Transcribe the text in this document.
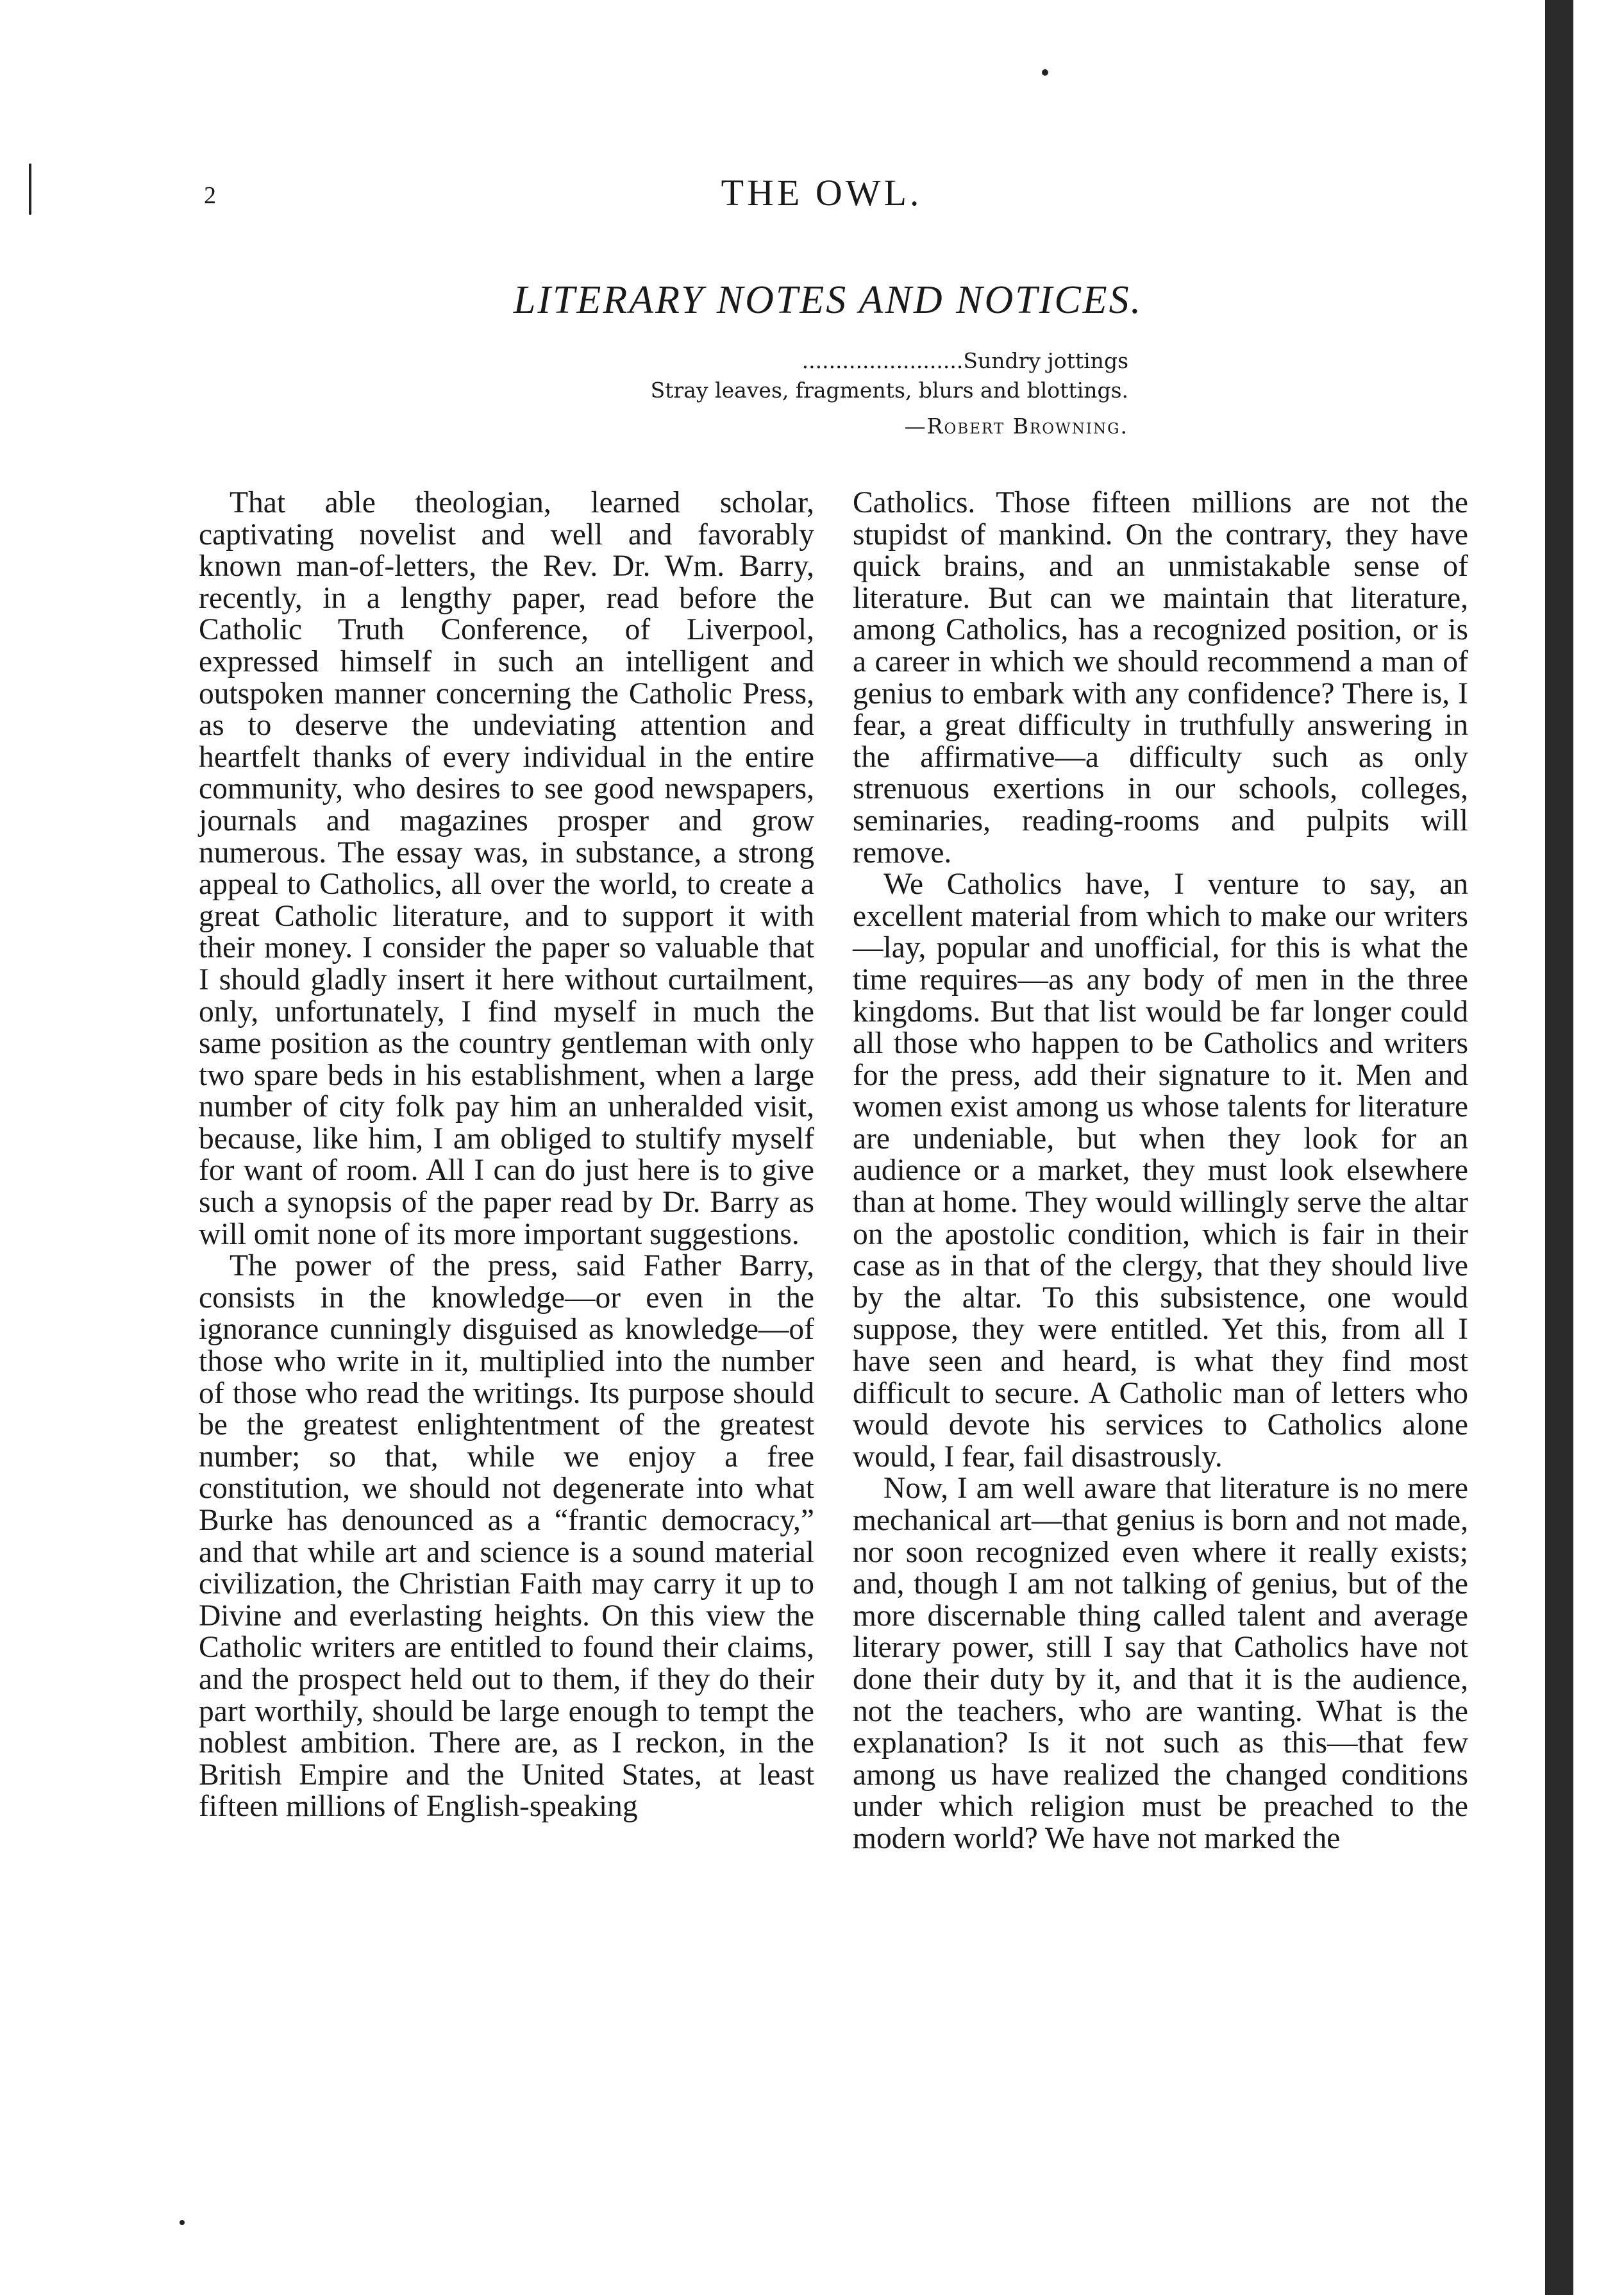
2	THE OWL.
LITERARY NOTES AND NOTICES.
........................Sundry jottings
Stray leaves, fragments, blurs and blottings.
—Robert Browning.

That able theologian, learned scholar, captivating novelist and well and favorably known man-of-letters, the Rev. Dr. Wm. Barry, recently, in a lengthy paper, read before the Catholic Truth Conference, of Liverpool, expressed himself in such an intelligent and outspoken manner concerning the Catholic Press, as to deserve the undeviating attention and heartfelt thanks of every individual in the entire community, who desires to see good newspapers, journals and magazines prosper and grow numerous. The essay was, in substance, a strong appeal to Catholics, all over the world, to create a great Catholic literature, and to support it with their money. I consider the paper so valuable that I should gladly insert it here without curtailment, only, unfortunately, I find myself in much the same position as the country gentleman with only two spare beds in his establishment, when a large number of city folk pay him an unheralded visit, because, like him, I am obliged to stultify myself for want of room. All I can do just here is to give such a synopsis of the paper read by Dr. Barry as will omit none of its more important suggestions.

The power of the press, said Father Barry, consists in the knowledge—or even in the ignorance cunningly disguised as knowledge—of those who write in it, multiplied into the number of those who read the writings. Its purpose should be the greatest enlightentment of the greatest number; so that, while we enjoy a free constitution, we should not degenerate into what Burke has denounced as a “frantic democracy,” and that while art and science is a sound material civilization, the Christian Faith may carry it up to Divine and everlasting heights. On this view the Catholic writers are entitled to found their claims, and the prospect held out to them, if they do their part worthily, should be large enough to tempt the noblest ambition. There are, as I reckon, in the British Empire and the United States, at least fifteen millions of English-speaking

Catholics. Those fifteen millions are not the stupidst of mankind. On the contrary, they have quick brains, and an unmistakable sense of literature. But can we maintain that literature, among Catholics, has a recognized position, or is a career in which we should recommend a man of genius to embark with any confidence? There is, I fear, a great difficulty in truthfully answering in the affirmative—a difficulty such as only strenuous exertions in our schools, colleges, seminaries, reading-rooms and pulpits will remove.

We Catholics have, I venture to say, an excellent material from which to make our writers—lay, popular and unofficial, for this is what the time requires—as any body of men in the three kingdoms. But that list would be far longer could all those who happen to be Catholics and writers for the press, add their signature to it. Men and women exist among us whose talents for literature are undeniable, but when they look for an audience or a market, they must look elsewhere than at home. They would willingly serve the altar on the apostolic condition, which is fair in their case as in that of the clergy, that they should live by the altar. To this subsistence, one would suppose, they were entitled. Yet this, from all I have seen and heard, is what they find most difficult to secure. A Catholic man of letters who would devote his services to Catholics alone would, I fear, fail disastrously.

Now, I am well aware that literature is no mere mechanical art—that genius is born and not made, nor soon recognized even where it really exists; and, though I am not talking of genius, but of the more discernable thing called talent and average literary power, still I say that Catholics have not done their duty by it, and that it is the audience, not the teachers, who are wanting. What is the explanation? Is it not such as this—that few among us have realized the changed conditions under which religion must be preached to the modern world? We have not marked the
